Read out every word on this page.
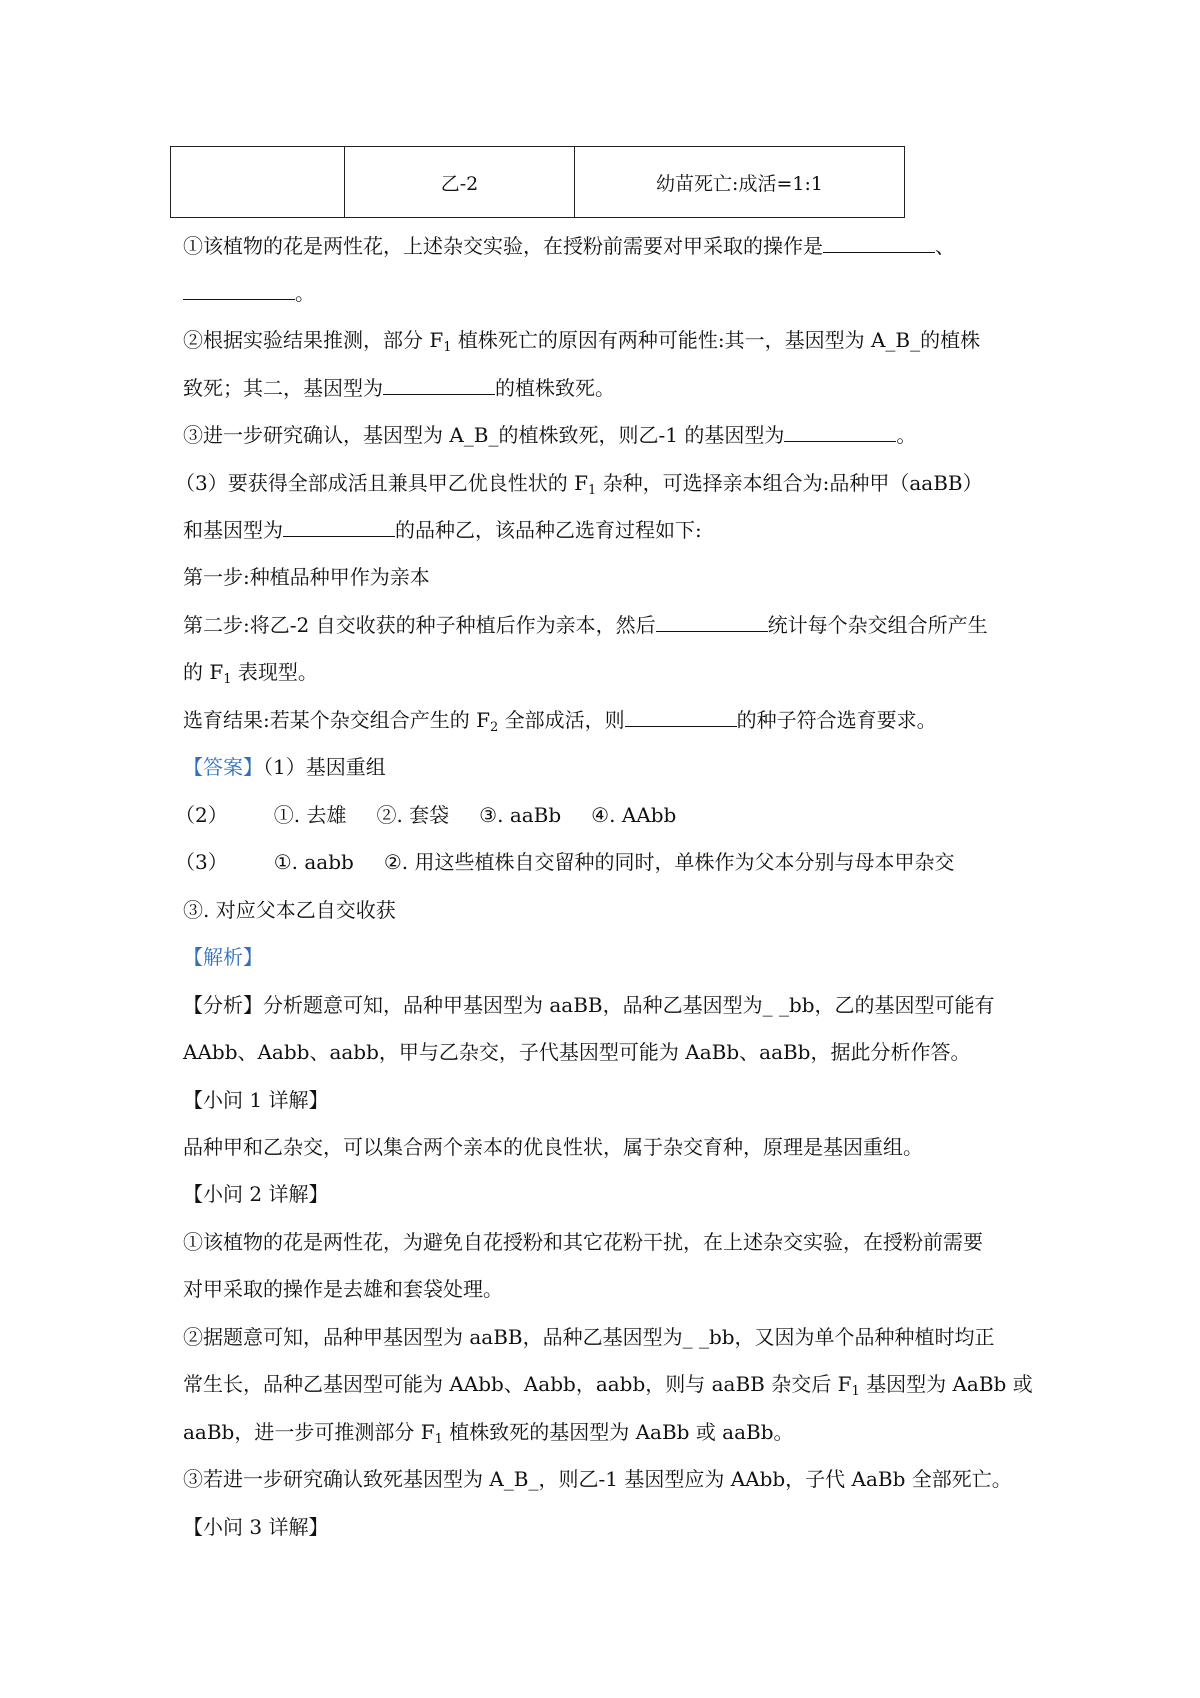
	乙-2	幼苗死亡:成活=1:1
①该植物的花是两性花，上述杂交实验，在授粉前需要对甲采取的操作是	、
。
②根据实验结果推测，部分 $F_1$ 植株死亡的原因有两种可能性:其一，基因型为 A_B_的植株
致死；其二，基因型为	的植株致死。
③进一步研究确认，基因型为 A_B_的植株致死，则乙-1 的基因型为	。
（3）要获得全部成活且兼具甲乙优良性状的 $F_1$ 杂种，可选择亲本组合为:品种甲（aaBB）
和基因型为	的品种乙，该品种乙选育过程如下:
第一步:种植品种甲作为亲本
第二步:将乙-2 自交收获的种子种植后作为亲本，然后	统计每个杂交组合所产生
的 $F_1$ 表现型。
选育结果:若某个杂交组合产生的 $F_2$ 全部成活，则	的种子符合选育要求。
【答案】（1）基因重组
（2） ①. 去雄 ②. 套袋 ③. aaBb ④. AAbb
（3） ①. aabb ②. 用这些植株自交留种的同时，单株作为父本分别与母本甲杂交
③. 对应父本乙自交收获
【解析】
【分析】分析题意可知，品种甲基因型为 aaBB，品种乙基因型为_ _bb，乙的基因型可能有
AAbb、Aabb、aabb，甲与乙杂交，子代基因型可能为 AaBb、aaBb，据此分析作答。
【小问 1 详解】
品种甲和乙杂交，可以集合两个亲本的优良性状，属于杂交育种，原理是基因重组。
【小问 2 详解】
①该植物的花是两性花，为避免自花授粉和其它花粉干扰，在上述杂交实验，在授粉前需要
对甲采取的操作是去雄和套袋处理。
②据题意可知，品种甲基因型为 aaBB，品种乙基因型为_ _bb，又因为单个品种种植时均正
常生长，品种乙基因型可能为 AAbb、Aabb，aabb，则与 aaBB 杂交后 $F_1$ 基因型为 AaBb 或
aaBb，进一步可推测部分 $F_1$ 植株致死的基因型为 AaBb 或 aaBb。
③若进一步研究确认致死基因型为 A_B_，则乙-1 基因型应为 AAbb，子代 AaBb 全部死亡。
【小问 3 详解】
